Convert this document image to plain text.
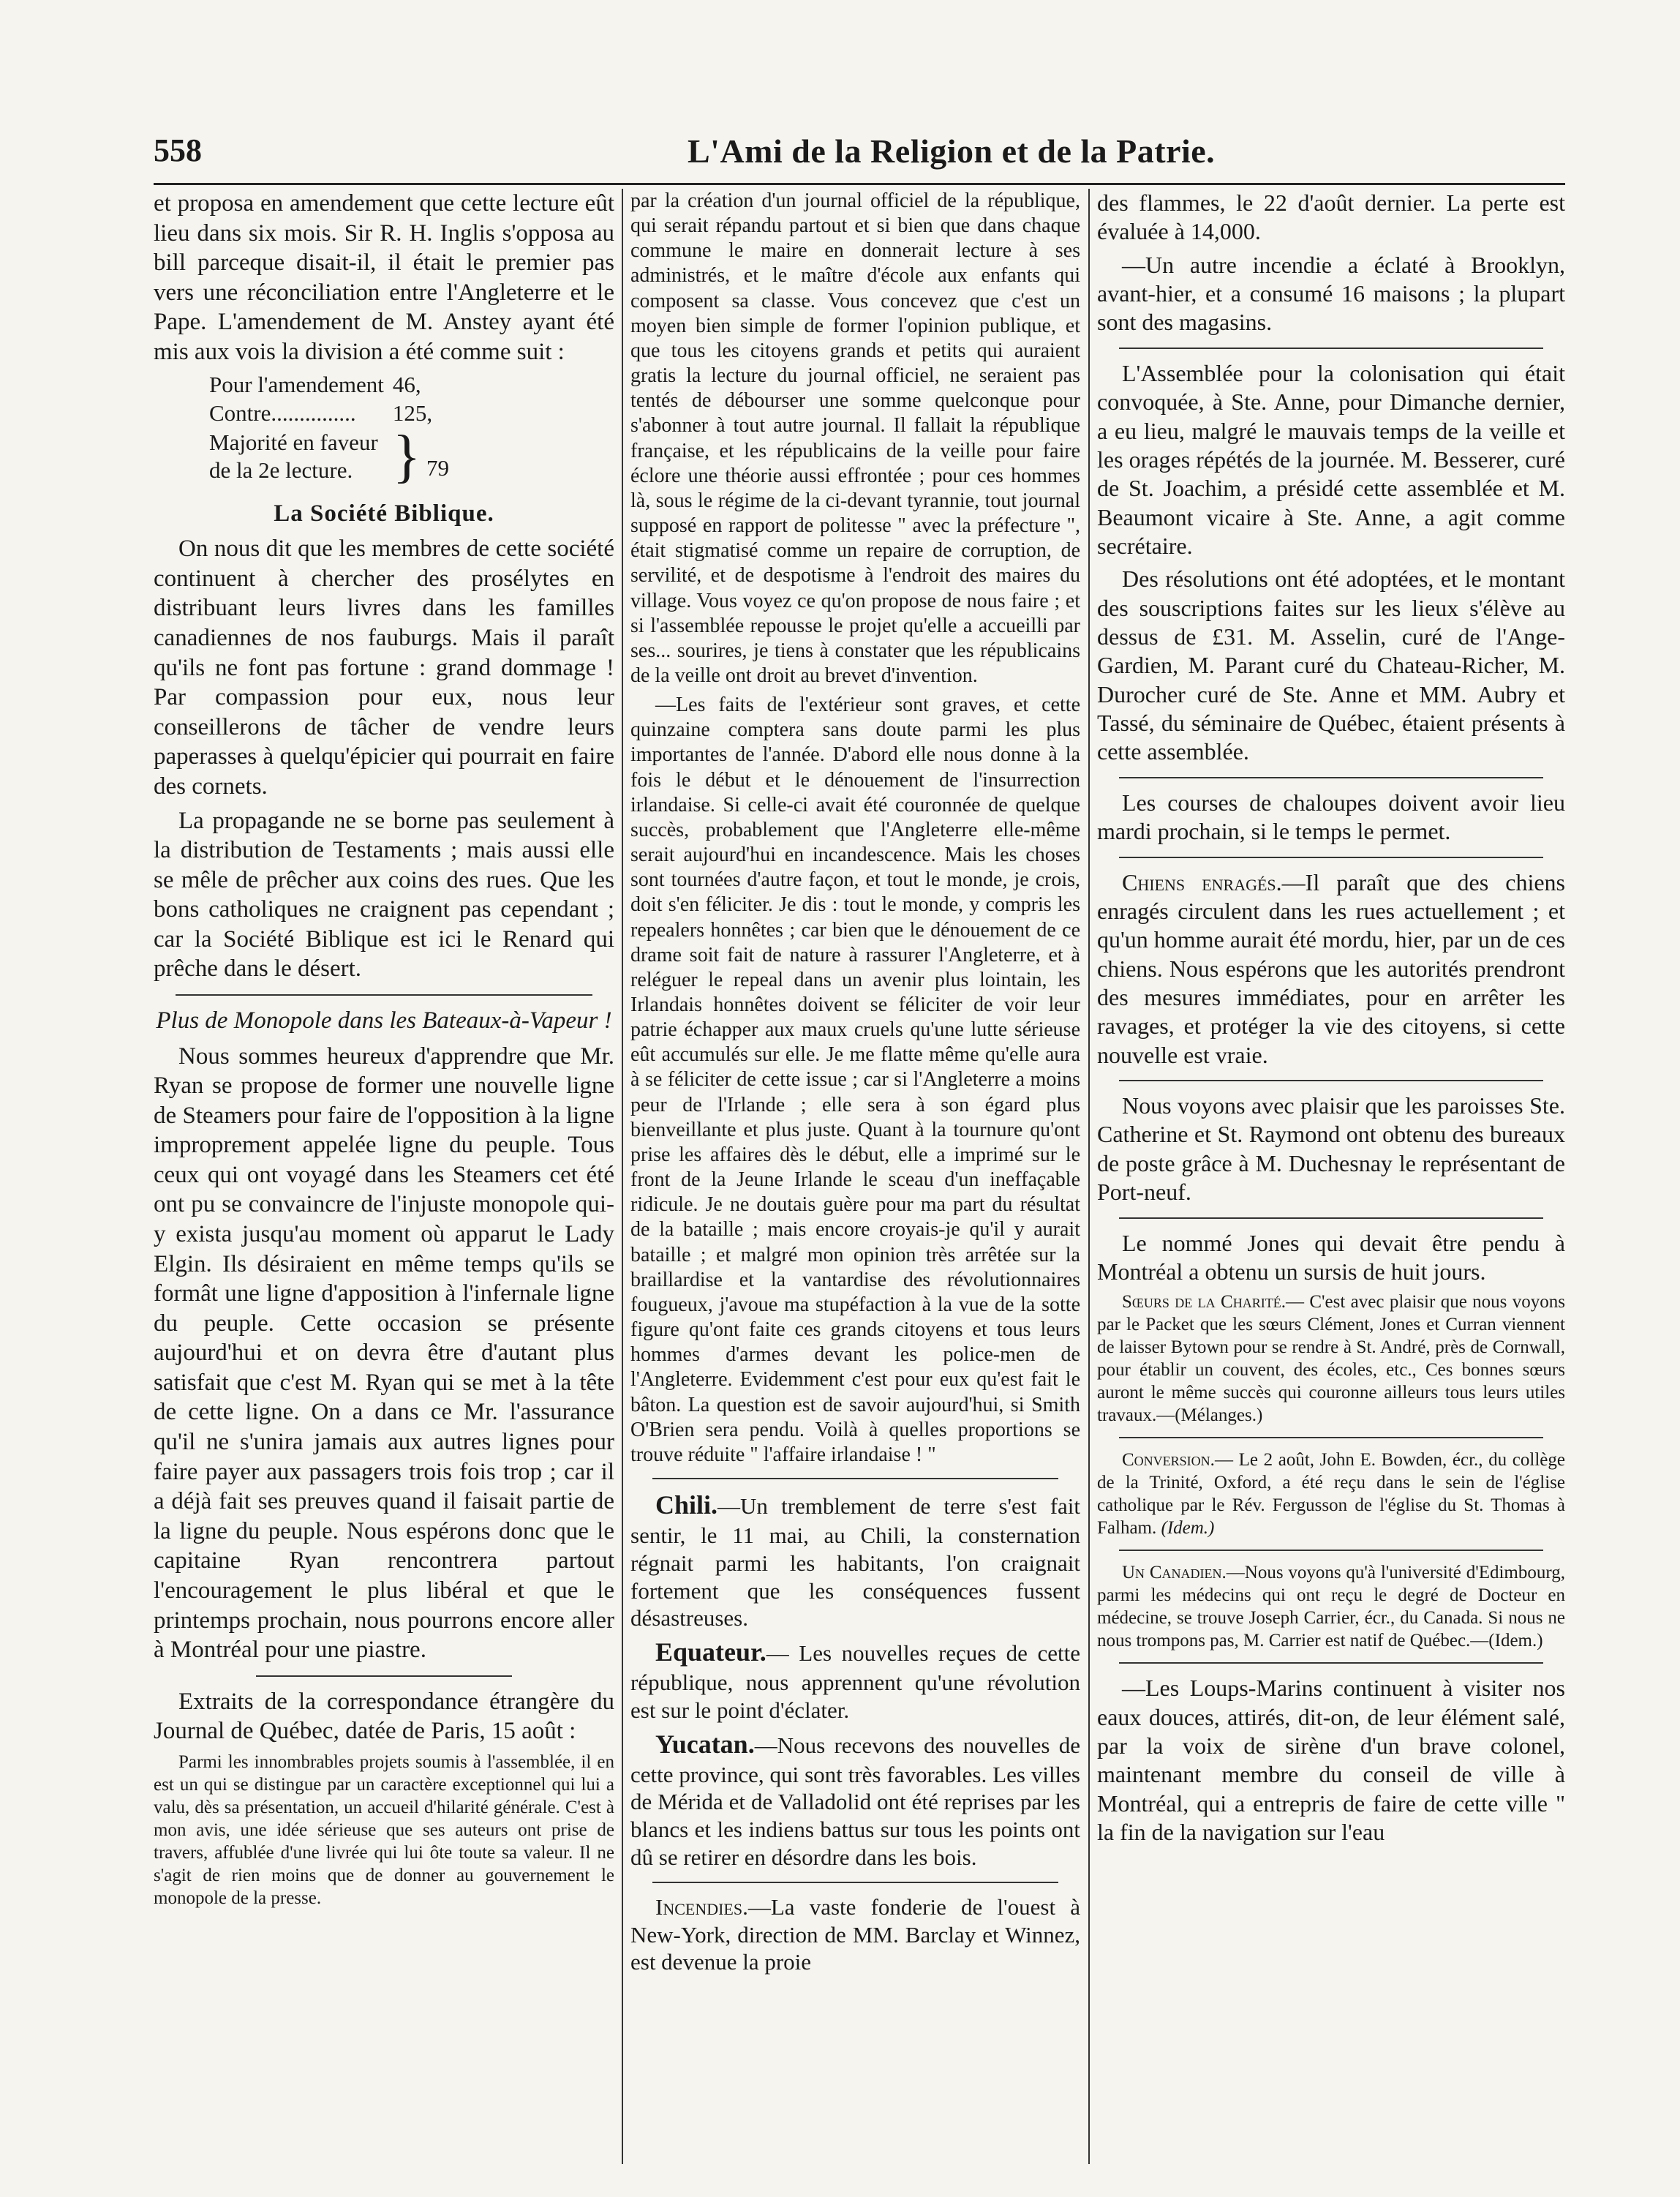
558	L'Ami de la Religion et de la Patrie.

et proposa en amendement que cette lecture eût lieu dans six mois. Sir R. H. Inglis s'opposa au bill parceque disait-il, il était le premier pas vers une réconciliation entre l'Angleterre et le Pape. L'amendement de M. Anstey ayant été mis aux vois la division a été comme suit :

Pour l'amendement	46,
Contre...............	125,

Majorité en faveur
de la 2e lecture.	} 79
La Société Biblique.

On nous dit que les membres de cette société continuent à chercher des prosélytes en distribuant leurs livres dans les familles canadiennes de nos fauburgs. Mais il paraît qu'ils ne font pas fortune : grand dommage ! Par compassion pour eux, nous leur conseillerons de tâcher de vendre leurs paperasses à quelqu'épicier qui pourrait en faire des cornets.

La propagande ne se borne pas seulement à la distribution de Testaments ; mais aussi elle se mêle de prêcher aux coins des rues. Que les bons catholiques ne craignent pas cependant ; car la Société Biblique est ici le Renard qui prêche dans le désert.

Plus de Monopole dans les Bateaux-à-Vapeur !

Nous sommes heureux d'apprendre que Mr. Ryan se propose de former une nouvelle ligne de Steamers pour faire de l'opposition à la ligne improprement appelée ligne du peuple. Tous ceux qui ont voyagé dans les Steamers cet été ont pu se convaincre de l'injuste monopole qui-y exista jusqu'au moment où apparut le Lady Elgin. Ils désiraient en même temps qu'ils se formât une ligne d'apposition à l'infernale ligne du peuple. Cette occasion se présente aujourd'hui et on devra être d'autant plus satisfait que c'est M. Ryan qui se met à la tête de cette ligne. On a dans ce Mr. l'assurance qu'il ne s'unira jamais aux autres lignes pour faire payer aux passagers trois fois trop ; car il a déjà fait ses preuves quand il faisait partie de la ligne du peuple. Nous espérons donc que le capitaine Ryan rencontrera partout l'encouragement le plus libéral et que le printemps prochain, nous pourrons encore aller à Montréal pour une piastre.

Extraits de la correspondance étrangère du Journal de Québec, datée de Paris, 15 août :

Parmi les innombrables projets soumis à l'assemblée, il en est un qui se distingue par un caractère exceptionnel qui lui a valu, dès sa présentation, un accueil d'hilarité générale. C'est à mon avis, une idée sérieuse que ses auteurs ont prise de travers, affublée d'une livrée qui lui ôte toute sa valeur. Il ne s'agit de rien moins que de donner au gouvernement le monopole de la presse.

par la création d'un journal officiel de la république, qui serait répandu partout et si bien que dans chaque commune le maire en donnerait lecture à ses administrés, et le maître d'école aux enfants qui composent sa classe. Vous concevez que c'est un moyen bien simple de former l'opinion publique, et que tous les citoyens grands et petits qui auraient gratis la lecture du journal officiel, ne seraient pas tentés de débourser une somme quelconque pour s'abonner à tout autre journal. Il fallait la république française, et les républicains de la veille pour faire éclore une théorie aussi effrontée ; pour ces hommes là, sous le régime de la ci-devant tyrannie, tout journal supposé en rapport de politesse " avec la préfecture ", était stigmatisé comme un repaire de corruption, de servilité, et de despotisme à l'endroit des maires du village. Vous voyez ce qu'on propose de nous faire ; et si l'assemblée repousse le projet qu'elle a accueilli par ses... sourires, je tiens à constater que les républicains de la veille ont droit au brevet d'invention.

—Les faits de l'extérieur sont graves, et cette quinzaine comptera sans doute parmi les plus importantes de l'année. D'abord elle nous donne à la fois le début et le dénouement de l'insurrection irlandaise. Si celle-ci avait été couronnée de quelque succès, probablement que l'Angleterre elle-même serait aujourd'hui en incandescence. Mais les choses sont tournées d'autre façon, et tout le monde, je crois, doit s'en féliciter. Je dis : tout le monde, y compris les repealers honnêtes ; car bien que le dénouement de ce drame soit fait de nature à rassurer l'Angleterre, et à reléguer le repeal dans un avenir plus lointain, les Irlandais honnêtes doivent se féliciter de voir leur patrie échapper aux maux cruels qu'une lutte sérieuse eût accumulés sur elle. Je me flatte même qu'elle aura à se féliciter de cette issue ; car si l'Angleterre a moins peur de l'Irlande ; elle sera à son égard plus bienveillante et plus juste. Quant à la tournure qu'ont prise les affaires dès le début, elle a imprimé sur le front de la Jeune Irlande le sceau d'un ineffaçable ridicule. Je ne doutais guère pour ma part du résultat de la bataille ; mais encore croyais-je qu'il y aurait bataille ; et malgré mon opinion très arrêtée sur la braillardise et la vantardise des révolutionnaires fougueux, j'avoue ma stupéfaction à la vue de la sotte figure qu'ont faite ces grands citoyens et tous leurs hommes d'armes devant les police-men de l'Angleterre. Evidemment c'est pour eux qu'est fait le bâton. La question est de savoir aujourd'hui, si Smith O'Brien sera pendu. Voilà à quelles proportions se trouve réduite " l'affaire irlandaise ! "

Chili.—Un tremblement de terre s'est fait sentir, le 11 mai, au Chili, la consternation régnait parmi les habitants, l'on craignait fortement que les conséquences fussent désastreuses.

Equateur.— Les nouvelles reçues de cette république, nous apprennent qu'une révolution est sur le point d'éclater.

Yucatan.—Nous recevons des nouvelles de cette province, qui sont très favorables. Les villes de Mérida et de Valladolid ont été reprises par les blancs et les indiens battus sur tous les points ont dû se retirer en désordre dans les bois.

Incendies.—La vaste fonderie de l'ouest à New-York, direction de MM. Barclay et Winnez, est devenue la proie

des flammes, le 22 d'août dernier. La perte est évaluée à 14,000.

—Un autre incendie a éclaté à Brooklyn, avant-hier, et a consumé 16 maisons ; la plupart sont des magasins.

L'Assemblée pour la colonisation qui était convoquée, à Ste. Anne, pour Dimanche dernier, a eu lieu, malgré le mauvais temps de la veille et les orages répétés de la journée. M. Besserer, curé de St. Joachim, a présidé cette assemblée et M. Beaumont vicaire à Ste. Anne, a agit comme secrétaire.

Des résolutions ont été adoptées, et le montant des souscriptions faites sur les lieux s'élève au dessus de £31. M. Asselin, curé de l'Ange-Gardien, M. Parant curé du Chateau-Richer, M. Durocher curé de Ste. Anne et MM. Aubry et Tassé, du séminaire de Québec, étaient présents à cette assemblée.

Les courses de chaloupes doivent avoir lieu mardi prochain, si le temps le permet.

Chiens enragés.—Il paraît que des chiens enragés circulent dans les rues actuellement ; et qu'un homme aurait été mordu, hier, par un de ces chiens. Nous espérons que les autorités prendront des mesures immédiates, pour en arrêter les ravages, et protéger la vie des citoyens, si cette nouvelle est vraie.

Nous voyons avec plaisir que les paroisses Ste. Catherine et St. Raymond ont obtenu des bureaux de poste grâce à M. Duchesnay le représentant de Port-neuf.

Le nommé Jones qui devait être pendu à Montréal a obtenu un sursis de huit jours.

Sœurs de la Charité.— C'est avec plaisir que nous voyons par le Packet que les sœurs Clément, Jones et Curran viennent de laisser Bytown pour se rendre à St. André, près de Cornwall, pour établir un couvent, des écoles, etc., Ces bonnes sœurs auront le même succès qui couronne ailleurs tous leurs utiles travaux.—(Mélanges.)

Conversion.— Le 2 août, John E. Bowden, écr., du collège de la Trinité, Oxford, a été reçu dans le sein de l'église catholique par le Rév. Fergusson de l'église du St. Thomas à Falham. (Idem.)

Un Canadien.—Nous voyons qu'à l'université d'Edimbourg, parmi les médecins qui ont reçu le degré de Docteur en médecine, se trouve Joseph Carrier, écr., du Canada. Si nous ne nous trompons pas, M. Carrier est natif de Québec.—(Idem.)

—Les Loups-Marins continuent à visiter nos eaux douces, attirés, dit-on, de leur élément salé, par la voix de sirène d'un brave colonel, maintenant membre du conseil de ville à Montréal, qui a entrepris de faire de cette ville " la fin de la navigation sur l'eau
